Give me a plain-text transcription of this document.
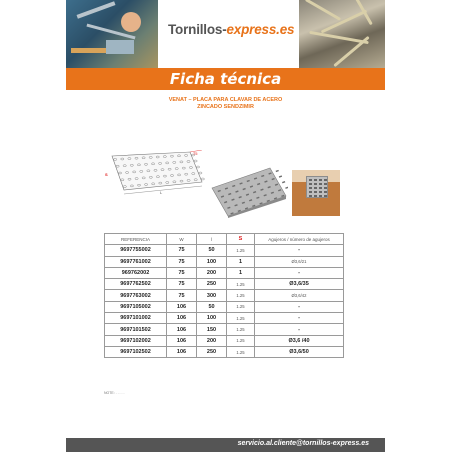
Tornillos-express.es
Ficha técnica
VENAT – PLACA PARA CLAVAR DE ACERO
ZINCADO SENDZIMIR
75
S
L
REFERENCIA	W	l	S	Agujeros / número de agujeros
9697755002	75	50	1.25	-
9697761002	75	100	1	Ø3,6/21
969762002	75	200	1	-
9697762502	75	250	1.25	Ø3,6/35
9697763002	75	300	1.25	Ø3,6/42
9697105002	106	50	1.25	-
9697101002	106	100	1.25	-
9697101502	106	150	1.25	-
9697102002	106	200	1.25	Ø3,6 /40
9697102502	106	250	1.25	Ø3,6/50
NOTE: . . . . .
servicio.al.cliente@tornillos-express.es
